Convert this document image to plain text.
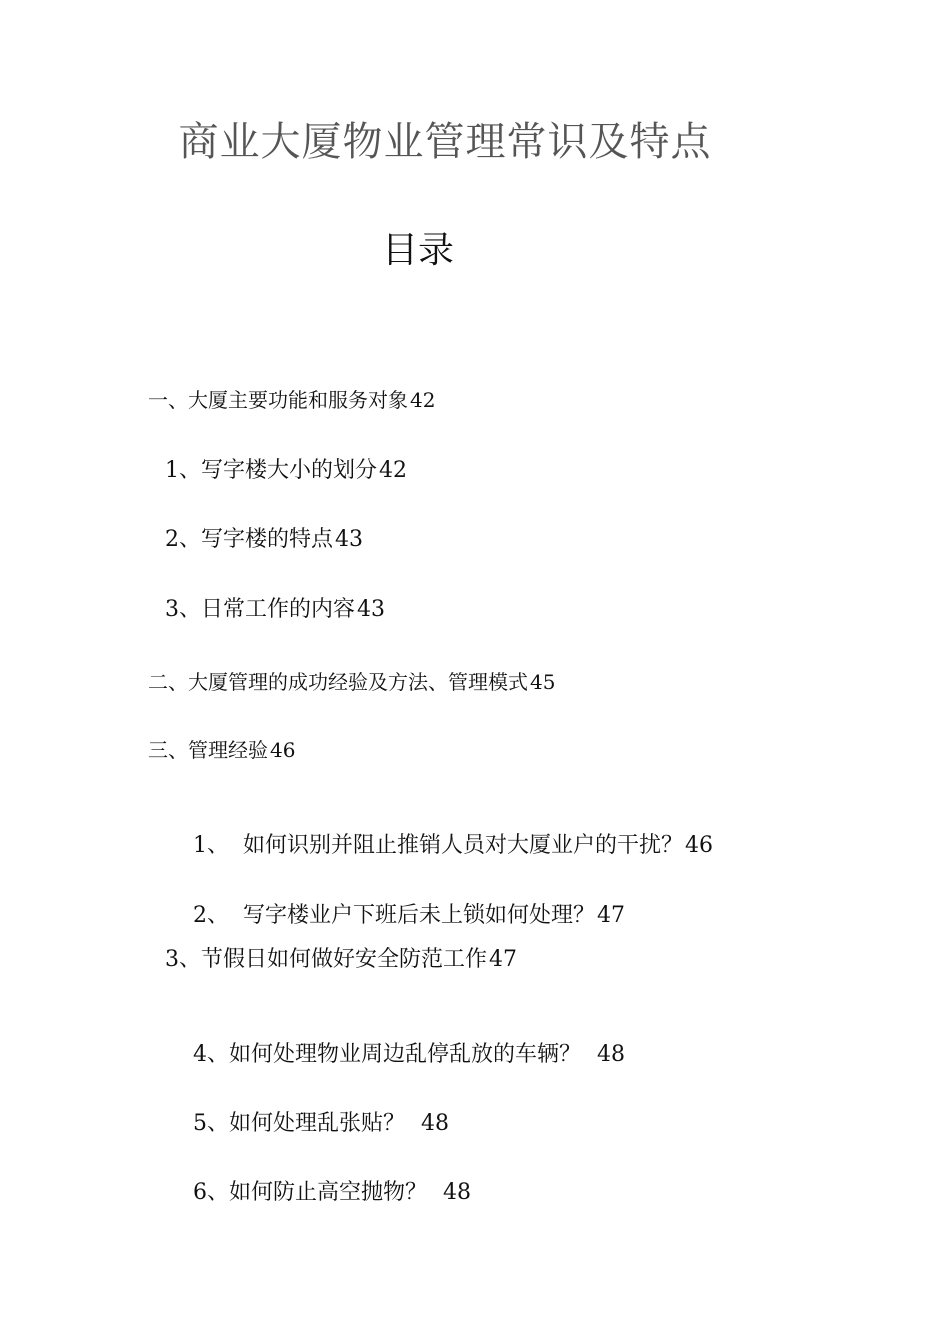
商业大厦物业管理常识及特点
目录
一、大厦主要功能和服务对象 42
1、写字楼大小的划分42
2、写字楼的特点43
3、日常工作的内容43
二、大厦管理的成功经验及方法、管理模式 45
三、管理经验 46

1、  如何识别并阻止推销人员对大厦业户的干扰？46

2、  写字楼业户下班后未上锁如何处理？47

3、节假日如何做好安全防范工作47

4、如何处理物业周边乱停乱放的车辆？  48

5、如何处理乱张贴？  48

6、如何防止高空抛物？  48
